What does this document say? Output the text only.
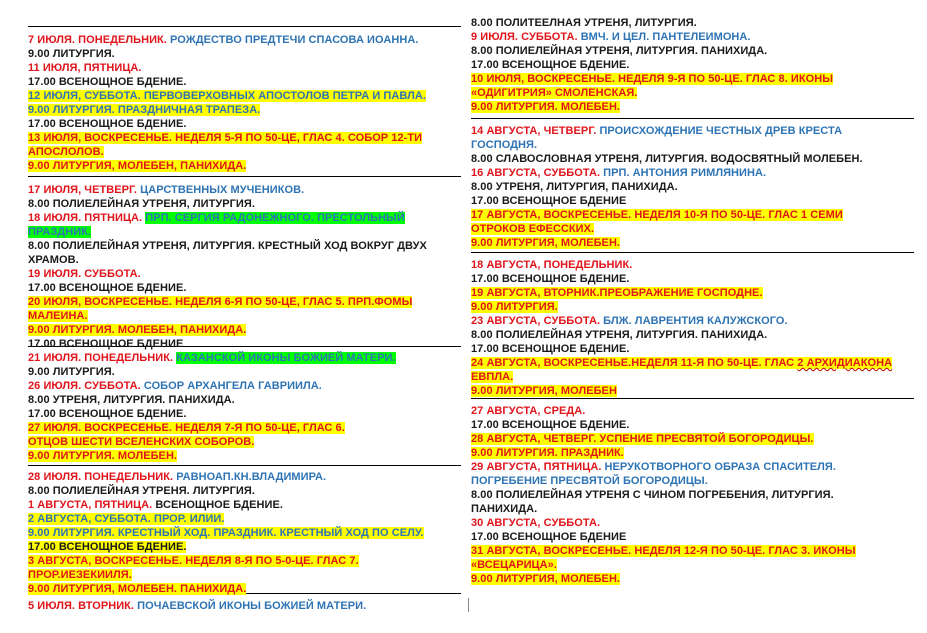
7 ИЮЛЯ. ПОНЕДЕЛЬНИК. РОЖДЕСТВО ПРЕДТЕЧИ СПАСОВА ИОАННА.
9.00 ЛИТУРГИЯ.
11 ИЮЛЯ, ПЯТНИЦА.
17.00 ВСЕНОЩНОЕ БДЕНИЕ.
12 ИЮЛЯ, СУББОТА. ПЕРВОВЕРХОВНЫХ АПОСТОЛОВ ПЕТРА И ПАВЛА.
9.00 ЛИТУРГИЯ. ПРАЗДНИЧНАЯ ТРАПЕЗА.
17.00 ВСЕНОЩНОЕ БДЕНИЕ.
13 ИЮЛЯ, ВОСКРЕСЕНЬЕ. НЕДЕЛЯ 5-Я ПО 50-ЦЕ, ГЛАС 4. СОБОР 12-ТИ
АПОСЛОЛОВ.
9.00 ЛИТУРГИЯ, МОЛЕБЕН, ПАНИХИДА.
17 ИЮЛЯ, ЧЕТВЕРГ. ЦАРСТВЕННЫХ МУЧЕНИКОВ.
8.00 ПОЛИЕЛЕЙНАЯ УТРЕНЯ, ЛИТУРГИЯ.
18 ИЮЛЯ. ПЯТНИЦА. ПРП. СЕРГИЯ РАДОНЕЖНОГО. ПРЕСТОЛЬНЫЙ
ПРАЗДНИК.
8.00 ПОЛИЕЛЕЙНАЯ УТРЕНЯ, ЛИТУРГИЯ. КРЕСТНЫЙ ХОД ВОКРУГ ДВУХ
ХРАМОВ.
19 ИЮЛЯ. СУББОТА.
17.00 ВСЕНОЩНОЕ БДЕНИЕ.
20 ИЮЛЯ, ВОСКРЕСЕНЬЕ. НЕДЕЛЯ 6-Я ПО 50-ЦЕ, ГЛАС 5. ПРП.ФОМЫ
МАЛЕИНА.
9.00 ЛИТУРГИЯ. МОЛЕБЕН, ПАНИХИДА.
17.00 ВСЕНОЩНОЕ БДЕНИЕ
21 ИЮЛЯ. ПОНЕДЕЛЬНИК. КАЗАНСКОЙ ИКОНЫ БОЖИЕЙ МАТЕРИ.
9.00 ЛИТУРГИЯ.
26 ИЮЛЯ. СУББОТА. СОБОР АРХАНГЕЛА ГАВРИИЛА.
8.00 УТРЕНЯ, ЛИТУРГИЯ. ПАНИХИДА.
17.00 ВСЕНОЩНОЕ БДЕНИЕ.
27 ИЮЛЯ. ВОСКРЕСЕНЬЕ. НЕДЕЛЯ 7-Я ПО 50-ЦЕ, ГЛАС 6.
ОТЦОВ ШЕСТИ ВСЕЛЕНСКИХ СОБОРОВ.
9.00 ЛИТУРГИЯ. МОЛЕБЕН.
28 ИЮЛЯ. ПОНЕДЕЛЬНИК. РАВНОАП.КН.ВЛАДИМИРА.
8.00 ПОЛИЕЛЕЙНАЯ УТРЕНЯ. ЛИТУРГИЯ.
1 АВГУСТА, ПЯТНИЦА. ВСЕНОЩНОЕ БДЕНИЕ.
2 АВГУСТА, СУББОТА. ПРОР. ИЛИИ.
9.00 ЛИТУРГИЯ. КРЕСТНЫЙ ХОД. ПРАЗДНИК. КРЕСТНЫЙ ХОД ПО СЕЛУ.
17.00 ВСЕНОЩНОЕ БДЕНИЕ.
3 АВГУСТА, ВОСКРЕСЕНЬЕ. НЕДЕЛЯ 8-Я ПО 5-0-ЦЕ. ГЛАС 7.
ПРОР.ИЕЗЕКИИЛЯ.
9.00 ЛИТУРГИЯ, МОЛЕБЕН. ПАНИХИДА.
5 ИЮЛЯ. ВТОРНИК. ПОЧАЕВСКОЙ ИКОНЫ БОЖИЕЙ МАТЕРИ.
8.00 ПОЛИТЕЕЛНАЯ УТРЕНЯ, ЛИТУРГИЯ.
9 ИЮЛЯ. СУББОТА. ВМЧ. И ЦЕЛ. ПАНТЕЛЕИМОНА.
8.00 ПОЛИЕЛЕЙНАЯ УТРЕНЯ, ЛИТУРГИЯ. ПАНИХИДА.
17.00 ВСЕНОЩНОЕ БДЕНИЕ.
10 ИЮЛЯ, ВОСКРЕСЕНЬЕ. НЕДЕЛЯ 9-Я ПО 50-ЦЕ. ГЛАС 8. ИКОНЫ
«ОДИГИТРИЯ» СМОЛЕНСКАЯ.
9.00 ЛИТУРГИЯ. МОЛЕБЕН.
14 АВГУСТА, ЧЕТВЕРГ. ПРОИСХОЖДЕНИЕ ЧЕСТНЫХ ДРЕВ КРЕСТА
ГОСПОДНЯ.
8.00 СЛАВОСЛОВНАЯ УТРЕНЯ, ЛИТУРГИЯ. ВОДОСВЯТНЫЙ МОЛЕБЕН.
16 АВГУСТА, СУББОТА. ПРП. АНТОНИЯ РИМЛЯНИНА.
8.00 УТРЕНЯ, ЛИТУРГИЯ, ПАНИХИДА.
17.00 ВСЕНОЩНОЕ БДЕНИЕ
17 АВГУСТА, ВОСКРЕСЕНЬЕ. НЕДЕЛЯ 10-Я ПО 50-ЦЕ. ГЛАС 1 СЕМИ
ОТРОКОВ ЕФЕССКИХ.
9.00 ЛИТУРГИЯ, МОЛЕБЕН.
18 АВГУСТА, ПОНЕДЕЛЬНИК.
17.00 ВСЕНОЩНОЕ БДЕНИЕ.
19 АВГУСТА, ВТОРНИК.ПРЕОБРАЖЕНИЕ ГОСПОДНЕ.
9.00 ЛИТУРГИЯ.
23 АВГУСТА, СУББОТА. БЛЖ. ЛАВРЕНТИЯ КАЛУЖСКОГО.
8.00 ПОЛИЕЛЕЙНАЯ УТРЕНЯ, ЛИТУРГИЯ. ПАНИХИДА.
17.00 ВСЕНОЩНОЕ БДЕНИЕ.
24 АВГУСТА, ВОСКРЕСЕНЬЕ.НЕДЕЛЯ 11-Я ПО 50-ЦЕ. ГЛАС 2 АРХИДИАКОНА
ЕВПЛА.
9.00 ЛИТУРГИЯ, МОЛЕБЕН
27 АВГУСТА, СРЕДА.
17.00 ВСЕНОЩНОЕ БДЕНИЕ.
28 АВГУСТА, ЧЕТВЕРГ. УСПЕНИЕ ПРЕСВЯТОЙ БОГОРОДИЦЫ.
9.00 ЛИТУРГИЯ. ПРАЗДНИК.
29 АВГУСТА, ПЯТНИЦА. НЕРУКОТВОРНОГО ОБРАЗА СПАСИТЕЛЯ.
ПОГРЕБЕНИЕ ПРЕСВЯТОЙ БОГОРОДИЦЫ.
8.00 ПОЛИЕЛЕЙНАЯ УТРЕНЯ С ЧИНОМ ПОГРЕБЕНИЯ, ЛИТУРГИЯ.
ПАНИХИДА.
30 АВГУСТА, СУББОТА.
17.00 ВСЕНОЩНОЕ БДЕНИЕ
31 АВГУСТА, ВОСКРЕСЕНЬЕ. НЕДЕЛЯ 12-Я ПО 50-ЦЕ. ГЛАС 3. ИКОНЫ
«ВСЕЦАРИЦА».
9.00 ЛИТУРГИЯ, МОЛЕБЕН.
